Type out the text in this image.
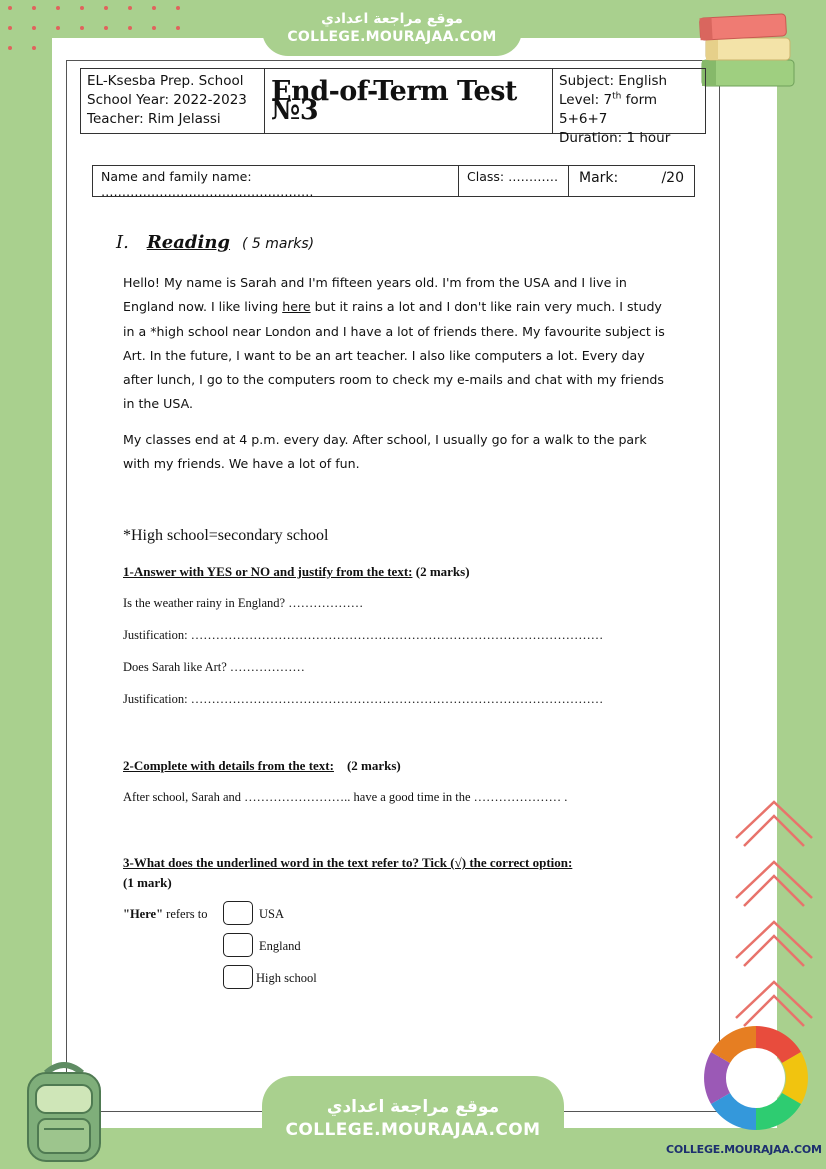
موقع مراجعة اعدادي
COLLEGE.MOURAJAA.COM
EL-Ksesba Prep. School
School Year: 2022-2023
Teacher: Rim Jelassi
End-of-Term Test №3
Subject: English
Level: 7th form 5+6+7
Duration: 1 hour
Name and family name: ……………………………………………
Class: …………	Mark:	/20
I. Reading ( 5 marks)
Hello! My name is Sarah and I'm fifteen years old. I'm from the USA and I live in England now. I like living here but it rains a lot and I don't like rain very much. I study in a *high school near London and I have a lot of friends there. My favourite subject is Art. In the future, I want to be an art teacher. I also like computers a lot. Every day after lunch, I go to the computers room to check my e-mails and chat with my friends in the USA.
My classes end at 4 p.m. every day. After school, I usually go for a walk to the park with my friends. We have a lot of fun.
*High school=secondary school
1-Answer with YES or NO and justify from the text: (2 marks)
Is the weather rainy in England? ………………
Justification: ………………………………………………………………………………………
Does Sarah like Art? ………………
Justification: ………………………………………………………………………………………
2-Complete with details from the text: (2 marks)
After school, Sarah and …………………….. have a good time in the ………………… .
3-What does the underlined word in the text refer to? Tick (√) the correct option:
(1 mark)
"Here" refers to	USA
England
High school
موقع مراجعة اعدادي
COLLEGE.MOURAJAA.COM
COLLEGE.MOURAJAA.COM
